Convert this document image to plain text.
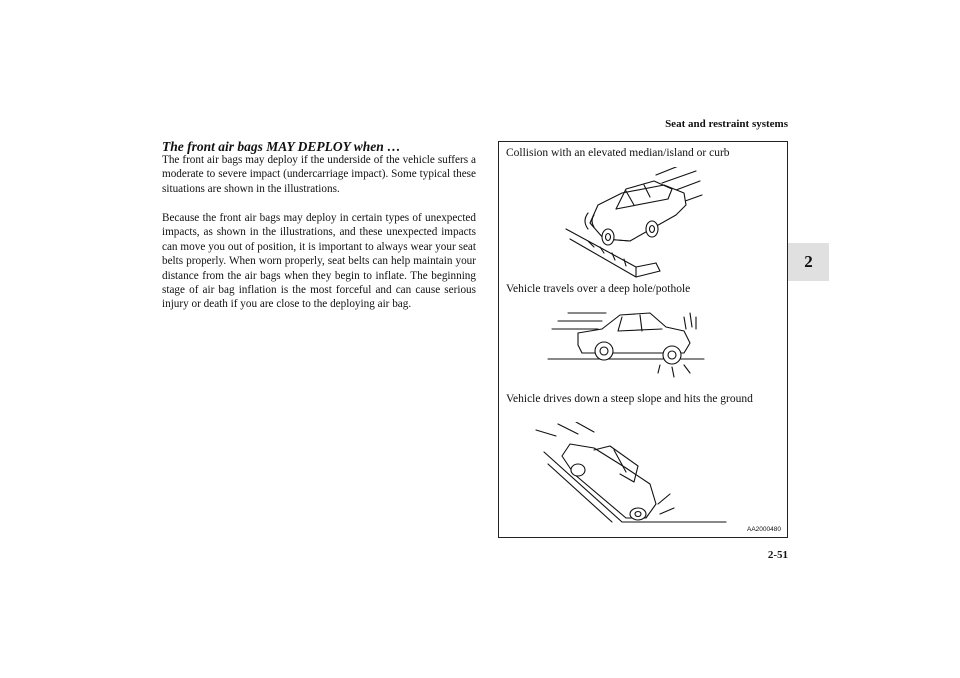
Seat and restraint systems
2
2-51
The front air bags MAY DEPLOY when …

The front air bags may deploy if the underside of the vehicle suffers a moderate to severe impact (undercarriage impact). Some typical these situations are shown in the illustrations.

Because the front air bags may deploy in certain types of unexpected impacts, as shown in the illustrations, and these unexpected impacts can move you out of position, it is important to always wear your seat belts properly. When worn properly, seat belts can help maintain your distance from the air bags when they begin to inflate. The beginning stage of air bag inflation is the most forceful and can cause serious injury or death if you are close to the deploying air bag.

Collision with an elevated median/island or curb
Vehicle travels over a deep hole/pothole
Vehicle drives down a steep slope and hits the ground
AA2000480
